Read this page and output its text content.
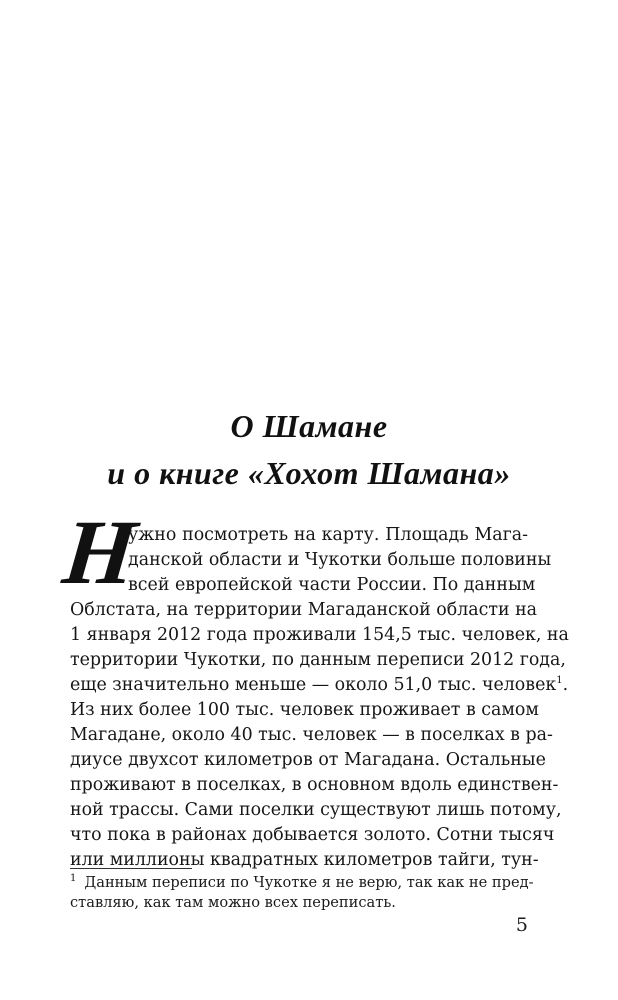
О Шамане
и о книге «Хохот Шамана»
Н
ужно посмотреть на карту. Площадь Мага-
данской области и Чукотки больше половины
всей европейской части России. По данным
Облстата, на территории Магаданской области на
1 января 2012 года проживали 154,5 тыс. человек, на
территории Чукотки, по данным переписи 2012 года,
еще значительно меньше — около 51,0 тыс. человек$^1$.
Из них более 100 тыс. человек проживает в самом
Магадане, около 40 тыс. человек — в поселках в ра-
диусе двухсот километров от Магадана. Остальные
проживают в поселках, в основном вдоль единствен-
ной трассы. Сами поселки существуют лишь потому,
что пока в районах добывается золото. Сотни тысяч
или миллионы квадратных километров тайги, тун-
$^1$ Данным переписи по Чукотке я не верю, так как не пред-
ставляю, как там можно всех переписать.
5
